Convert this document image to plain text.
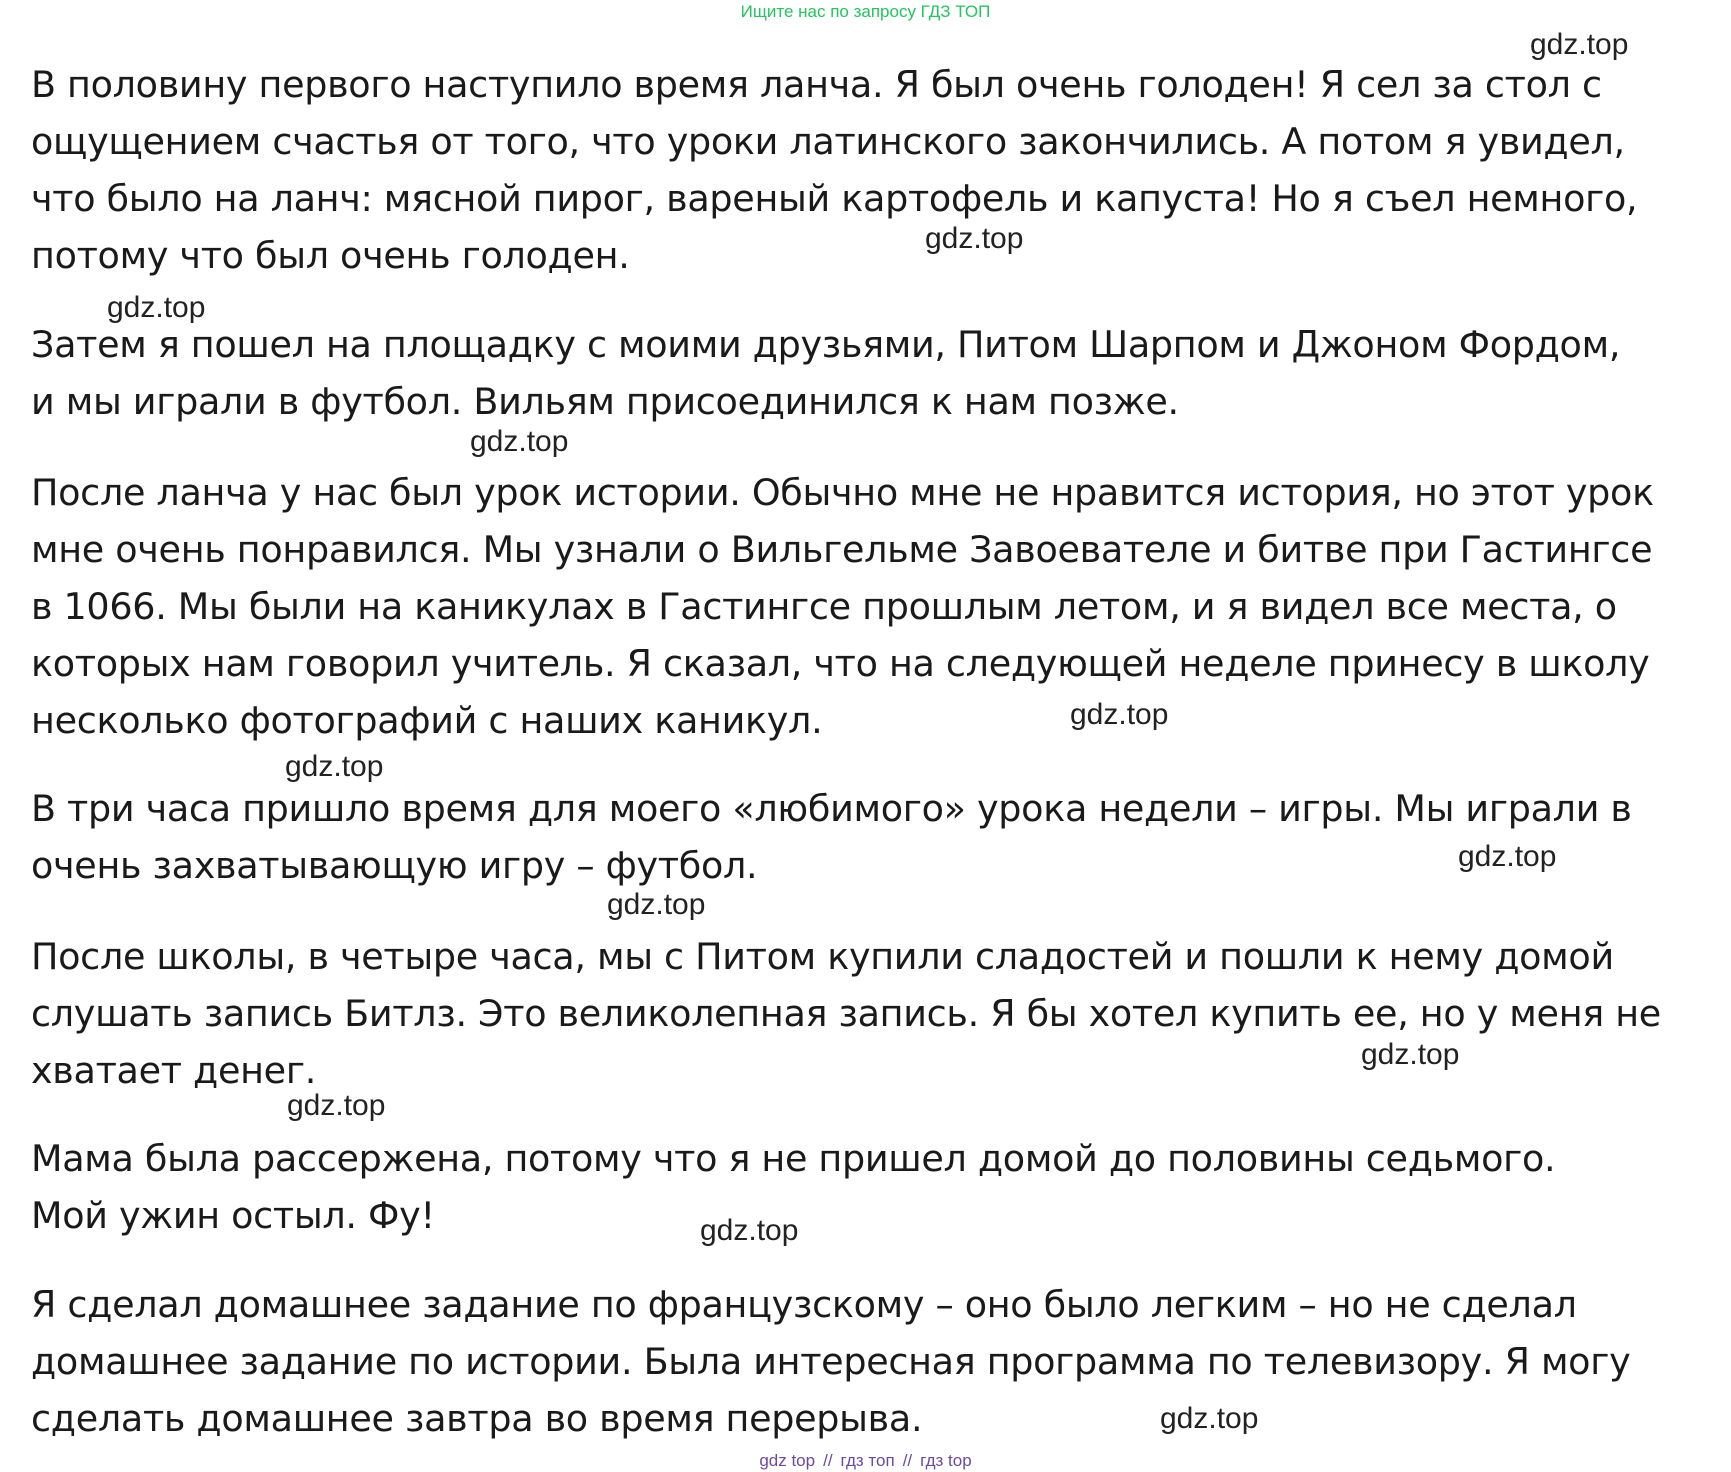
Ищите нас по запросу ГДЗ ТОП
В половину первого наступило время ланча. Я был очень голоден! Я сел за стол с
ощущением счастья от того, что уроки латинского закончились. А потом я увидел,
что было на ланч: мясной пирог, вареный картофель и капуста! Но я съел немного,
потому что был очень голоден.
Затем я пошел на площадку с моими друзьями, Питом Шарпом и Джоном Фордом,
и мы играли в футбол. Вильям присоединился к нам позже.
После ланча у нас был урок истории. Обычно мне не нравится история, но этот урок
мне очень понравился. Мы узнали о Вильгельме Завоевателе и битве при Гастингсе
в 1066. Мы были на каникулах в Гастингсе прошлым летом, и я видел все места, о
которых нам говорил учитель. Я сказал, что на следующей неделе принесу в школу
несколько фотографий с наших каникул.
В три часа пришло время для моего «любимого» урока недели – игры. Мы играли в
очень захватывающую игру – футбол.
После школы, в четыре часа, мы с Питом купили сладостей и пошли к нему домой
слушать запись Битлз. Это великолепная запись. Я бы хотел купить ее, но у меня не
хватает денег.
Мама была рассержена, потому что я не пришел домой до половины седьмого.
Мой ужин остыл. Фу!
Я сделал домашнее задание по французскому – оно было легким – но не сделал
домашнее задание по истории. Была интересная программа по телевизору. Я могу
сделать домашнее завтра во время перерыва.
gdz.top
gdz.top
gdz.top
gdz.top
gdz.top
gdz.top
gdz.top
gdz.top
gdz.top
gdz.top
gdz.top
gdz.top
gdz top // гдз топ // гдз top
